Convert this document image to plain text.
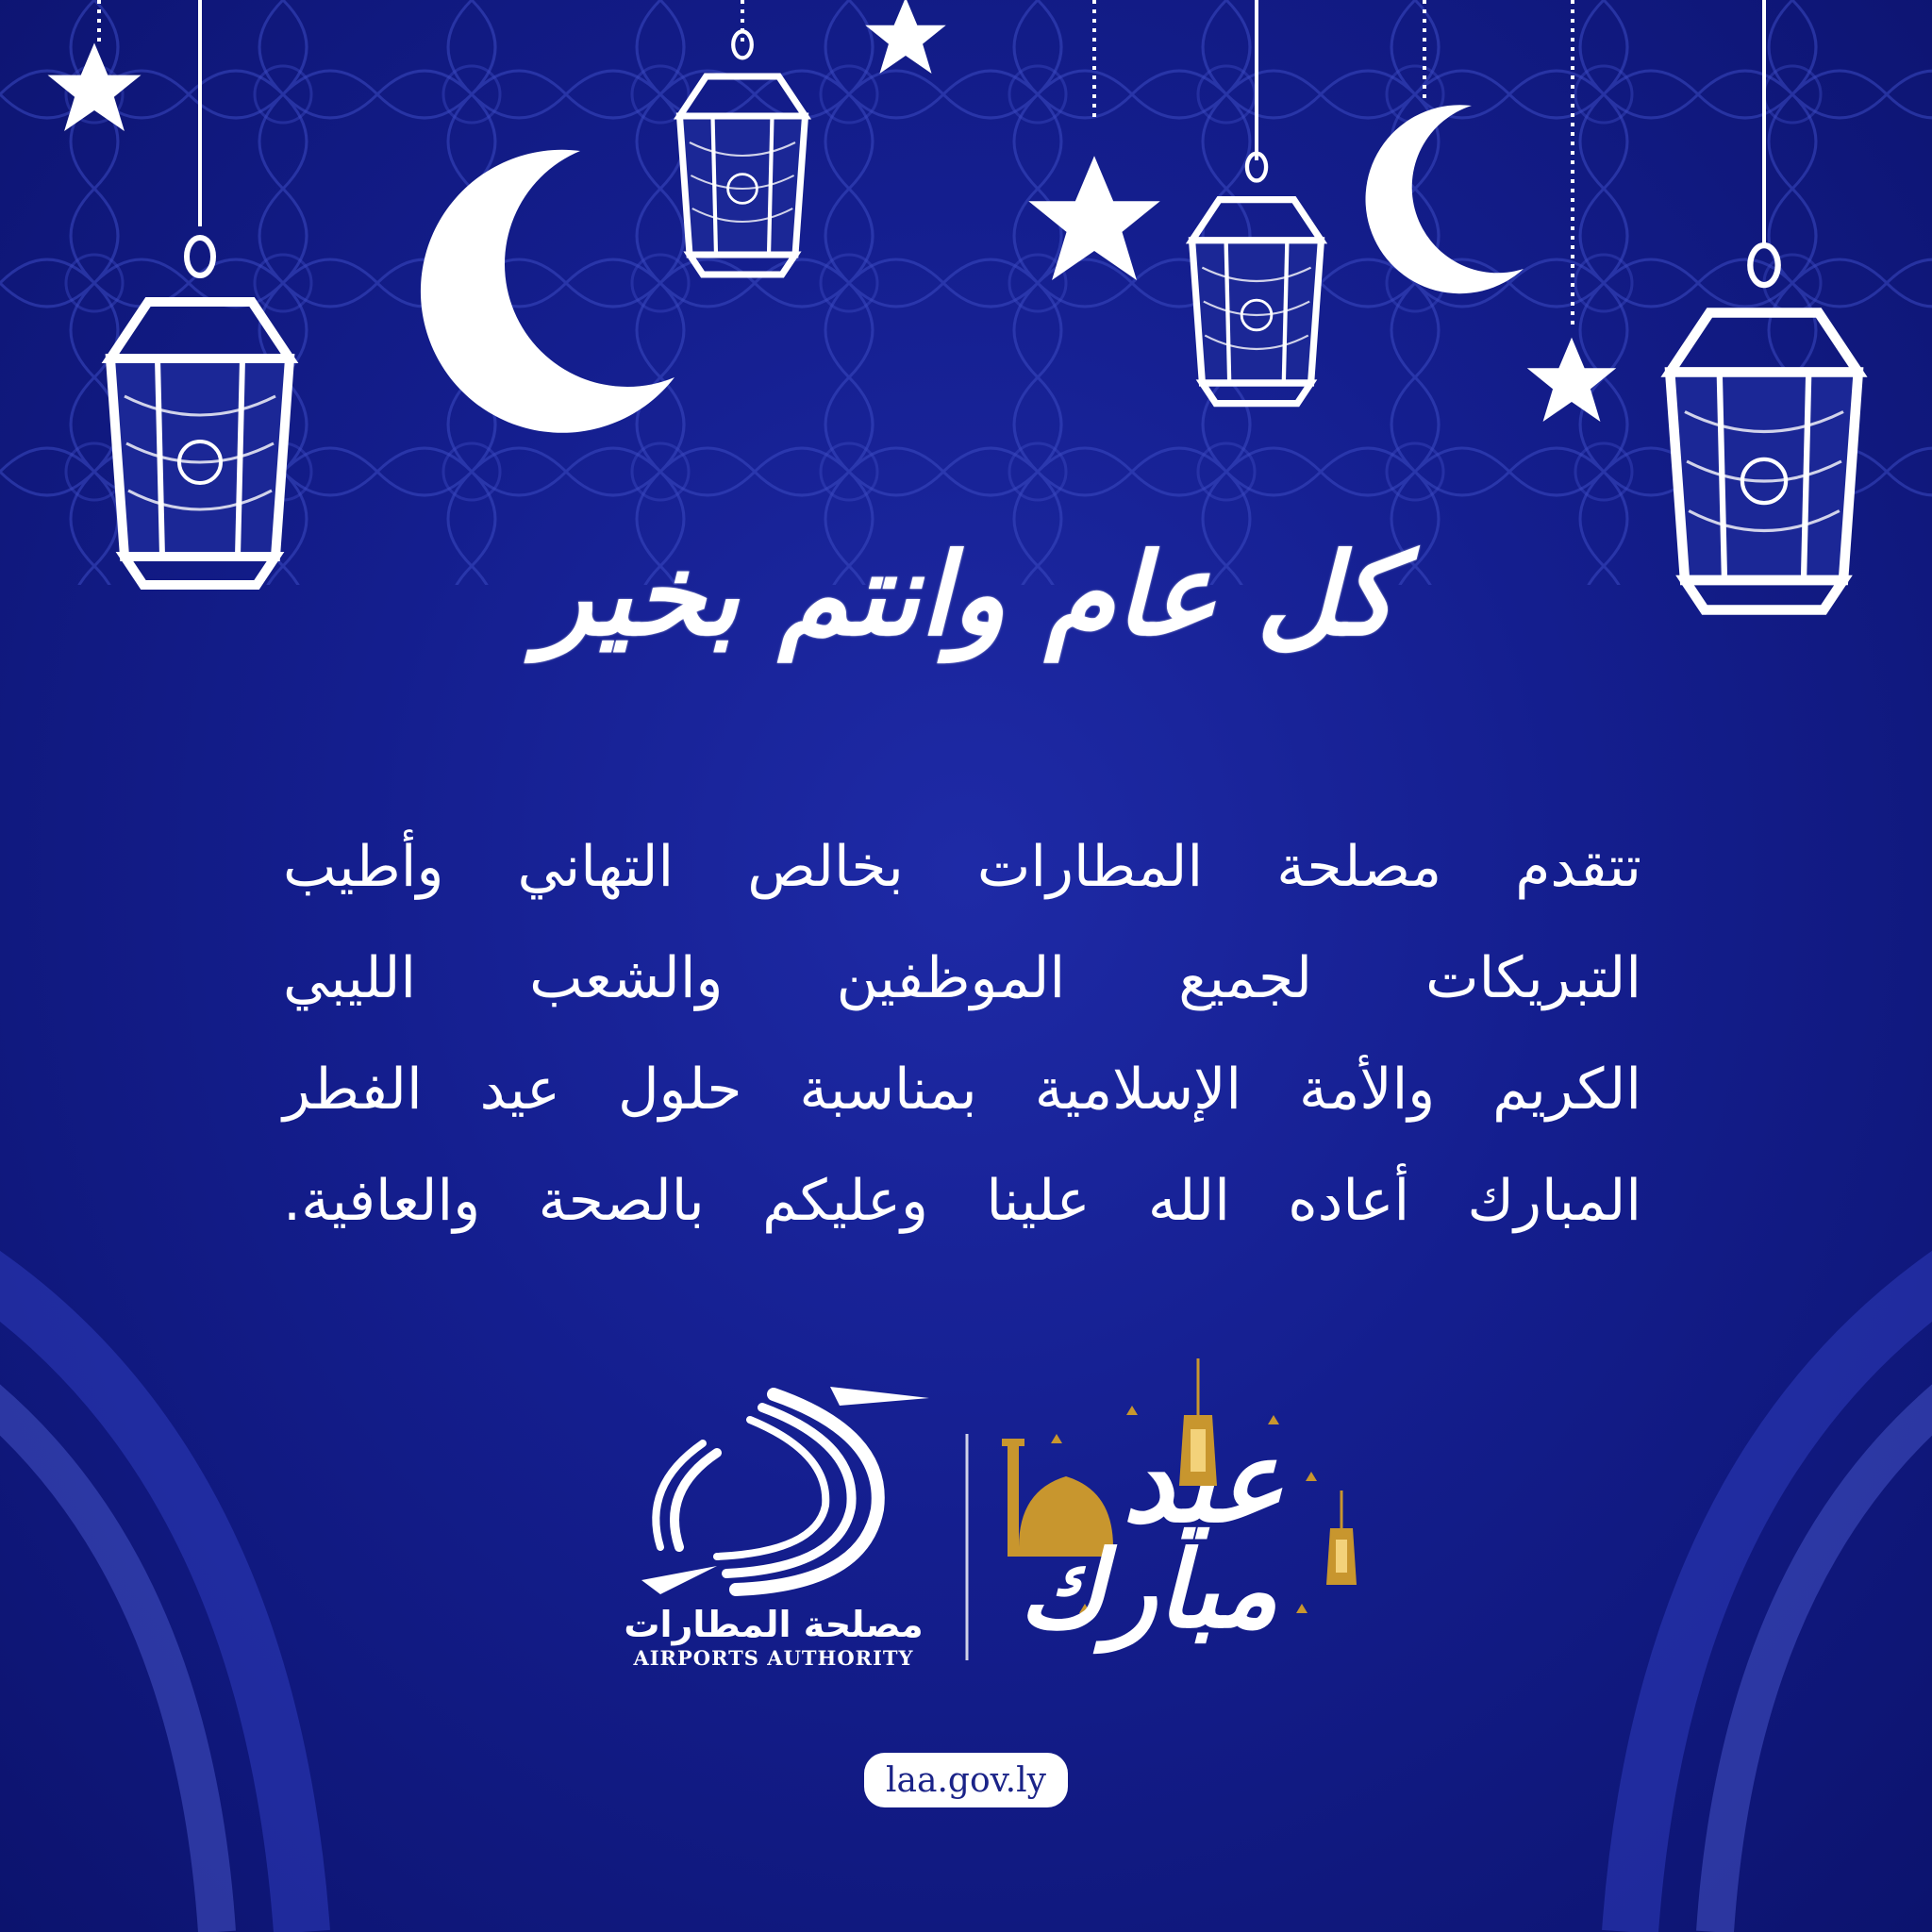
كل عام وانتم بخير
تتقدم مصلحة المطارات بخالص التهاني وأطيب
التبريكات لجميع الموظفين والشعب الليبي
الكريم والأمة الإسلامية بمناسبة حلول عيد الفطر
المبارك أعاده الله علينا وعليكم بالصحة والعافية.
مصلحة المطارات
AIRPORTS AUTHORITY
عيد
مبارك
laa.gov.ly
